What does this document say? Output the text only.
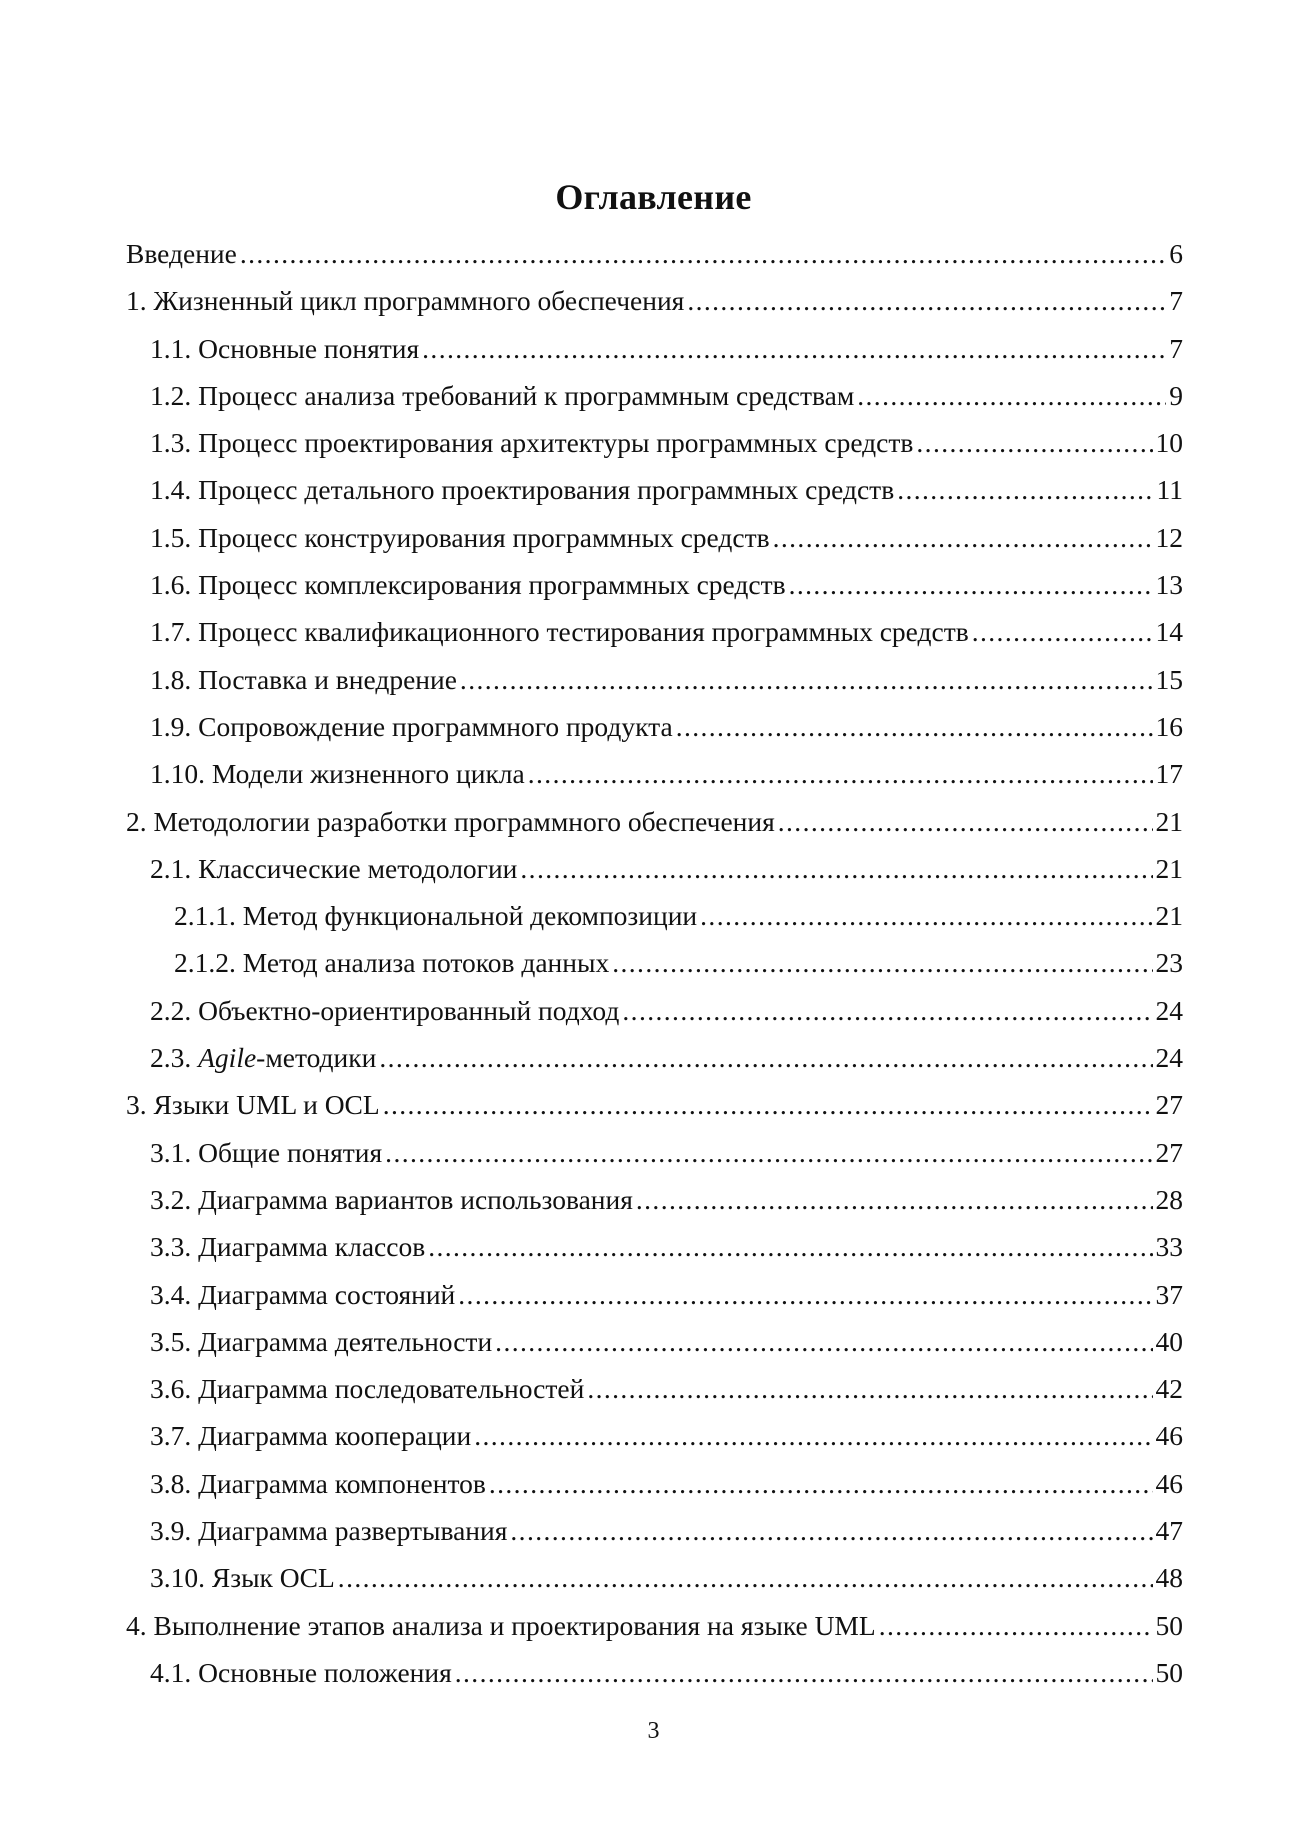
Оглавление
Введение .....	6
1. Жизненный цикл программного обеспечения .....	7
1.1. Основные понятия .....	7
1.2. Процесс анализа требований к программным средствам .....	9
1.3. Процесс проектирования архитектуры программных средств .....	10
1.4. Процесс детального проектирования программных средств .....	11
1.5. Процесс конструирования программных средств .....	12
1.6. Процесс комплексирования программных средств .....	13
1.7. Процесс квалификационного тестирования программных средств .....	14
1.8. Поставка и внедрение .....	15
1.9. Сопровождение программного продукта .....	16
1.10. Модели жизненного цикла .....	17
2. Методологии разработки программного обеспечения .....	21
2.1. Классические методологии .....	21
2.1.1. Метод функциональной декомпозиции .....	21
2.1.2. Метод анализа потоков данных .....	23
2.2. Объектно-ориентированный подход .....	24
2.3. Agile-методики .....	24
3. Языки UML и OCL .....	27
3.1. Общие понятия .....	27
3.2. Диаграмма вариантов использования .....	28
3.3. Диаграмма классов .....	33
3.4. Диаграмма состояний .....	37
3.5. Диаграмма деятельности .....	40
3.6. Диаграмма последовательностей .....	42
3.7. Диаграмма кооперации .....	46
3.8. Диаграмма компонентов .....	46
3.9. Диаграмма развертывания .....	47
3.10. Язык OCL .....	48
4. Выполнение этапов анализа и проектирования на языке UML .....	50
4.1. Основные положения .....	50
3
